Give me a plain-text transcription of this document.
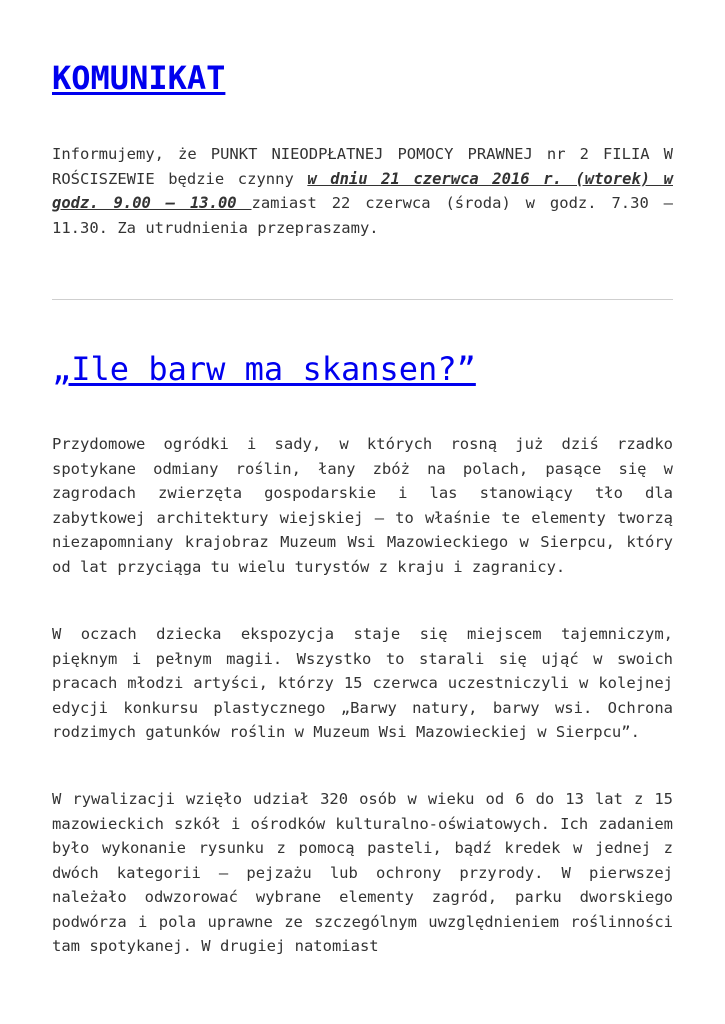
KOMUNIKAT

Informujemy, że PUNKT NIEODPŁATNEJ POMOCY PRAWNEJ nr 2 FILIA W ROŚCISZEWIE będzie czynny w dniu 21 czerwca 2016 r. (wtorek) w godz. 9.00 – 13.00 zamiast 22 czerwca (środa) w godz. 7.30 – 11.30. Za utrudnienia przepraszamy.

„Ile barw ma skansen?”

Przydomowe ogródki i sady, w których rosną już dziś rzadko spotykane odmiany roślin, łany zbóż na polach, pasące się w zagrodach zwierzęta gospodarskie i las stanowiący tło dla zabytkowej architektury wiejskiej – to właśnie te elementy tworzą niezapomniany krajobraz Muzeum Wsi Mazowieckiego w Sierpcu, który od lat przyciąga tu wielu turystów z kraju i zagranicy.

W oczach dziecka ekspozycja staje się miejscem tajemniczym, pięknym i pełnym magii. Wszystko to starali się ująć w swoich pracach młodzi artyści, którzy 15 czerwca uczestniczyli w kolejnej edycji konkursu plastycznego „Barwy natury, barwy wsi. Ochrona rodzimych gatunków roślin w Muzeum Wsi Mazowieckiej w Sierpcu”.

W rywalizacji wzięło udział 320 osób w wieku od 6 do 13 lat z 15 mazowieckich szkół i ośrodków kulturalno-oświatowych. Ich zadaniem było wykonanie rysunku z pomocą pasteli, bądź kredek w jednej z dwóch kategorii – pejzażu lub ochrony przyrody. W pierwszej należało odwzorować wybrane elementy zagród, parku dworskiego podwórza i pola uprawne ze szczególnym uwzględnieniem roślinności tam spotykanej. W drugiej natomiast
